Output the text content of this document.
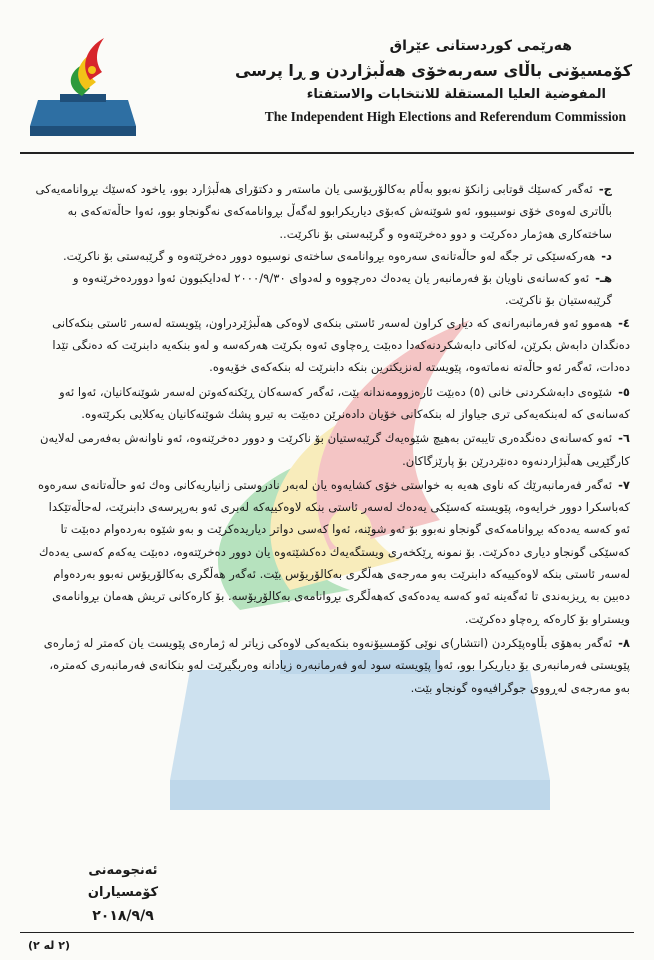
هەرێمی كوردستانی عێراق
كۆمسیۆنی باڵای سەربەخۆی هەڵبژاردن و ڕا پرسی
المفوضية العليا المستقلة للانتخابات والاستفتاء
The Independent High Elections and Referendum Commission

ج-ئەگەر کەسێك قوتابی زانكۆ نەبوو بەڵام بەكالۆریۆسی یان ماستەر و دكتۆرای هەڵبژارد بوو، یاخود كەسێك بڕوانامەیەكی باڵاتری لەوەی خۆی نوسیبوو، ئەو شوێنەش كەبۆی دیاریكرابوو لەگەڵ بڕوانامەكەی نەگونجاو بوو، ئەوا حاڵەتەكەی بە ساختەكاری هەژمار دەكرێت و دوو دەخرێتەوە و گرێبەستی بۆ ناكرێت..

د-هەركەسێكی تر جگە لەو حاڵەتانەی سەرەوە بڕوانامەی ساختەی نوسیوە دوور دەخرێتەوە و گرێبەستی بۆ ناكرێت.

هـ-ئەو كەسانەی ناویان بۆ فەرمانبەر یان یەدەك دەرچووە و لەدوای ٢٠٠٠/٩/٣٠ لەدایكبوون ئەوا دووردەخرێنەوە و گرێبەستیان بۆ ناكرێت.

٤-هەموو ئەو فەرمانبەرانەی كە دیاری كراون لەسەر ئاستی بنكەی لاوەكی هەڵبژێردراون، پێویستە لەسەر ئاستی بنكەكانی دەنگدان دابەش بكرێن، لەكاتی دابەشكردنەكەدا دەبێت ڕەچاوی ئەوە بكرێت هەركەسە و لەو بنكەیە دابنرێت كە دەنگی تێدا دەدات، ئەگەر ئەو حاڵەتە نەماتەوە، پێویستە لەنزیكترین بنكە دابنرێت لە بنكەكەی خۆیەوە.

٥-شێوەی دابەشكردنی خانی (٥) دەبێت ئارەزوومەندانە بێت، ئەگەر كەسەكان ڕێكنەكەوتن لەسەر شوێنەكانیان، ئەوا ئەو كەسانەی كە لەبنكەیەكی تری جیاواز لە بنكەكانی خۆیان دادەنرێن دەبێت بە تیرو پشك شوێنەكانیان یەكلایی بكرێتەوە.

٦-ئەو كەسانەی دەنگدەری تایبەتن بەهیچ شێوەیەك گرێبەستیان بۆ ناكرێت و دوور دەخرێنەوە، ئەو ناوانەش بەفەرمی لەلایەن كارگێڕیی هەڵبژاردنەوە دەنێردرێن بۆ پارێزگاكان.

٧-ئەگەر فەرمانبەرێك كە ناوی هەیە بە خواستی خۆی كشایەوە یان لەبەر نادروستی زانیاریەكانی وەك ئەو حاڵەتانەی سەرەوە كەباسكرا دوور خرایەوە، پێویستە كەسێكی یەدەك لەسەر ئاستی بنكە لاوەكییەكە لەبری ئەو بەرپرسەی دابنرێت، لەحاڵەتێكدا ئەو كەسە یەدەكە بڕوانامەكەی گونجاو نەبوو بۆ ئەو شوێنە، ئەوا كەسی دواتر دیاریدەكرێت و بەو شێوە بەردەوام دەبێت تا كەسێكی گونجاو دیاری دەكرێت. بۆ نمونە ڕێكخەری ویستگەیەك دەكشێتەوە یان دوور دەخرێتەوە، دەبێت یەكەم كەسی یەدەك لەسەر ئاستی بنكە لاوەكییەكە دابنرێت بەو مەرجەی هەڵگری بەكالۆریۆس بێت. ئەگەر هەڵگری بەكالۆریۆس نەبوو بەردەوام دەبین بە ڕیزبەندی تا ئەگەینە ئەو كەسە یەدەكەی كەهەڵگری بڕوانامەی بەكالۆریۆسە. بۆ كارەكانی تریش هەمان بڕوانامەی ویستراو بۆ كارەكە ڕەچاو دەكرێت.

٨-ئەگەر بەهۆی بڵاوەپێكردن (انتشار)ی نوێی كۆمسیۆنەوە بنكەیەكی لاوەكی زیاتر لە ژمارەی پێویست یان كەمتر لە ژمارەی پێویستی فەرمانبەری بۆ دیاریكرا بوو، ئەوا پێویستە سود لەو فەرمانبەرە زیادانە وەربگیرێت لەو بنكانەی فەرمانبەری كەمترە، بەو مەرجەی لەڕووی جوگرافیەوە گونجاو بێت.

ئەنجومەنی كۆمسیاران
٢٠١٨/٩/٩
(٢ لە ٢)
